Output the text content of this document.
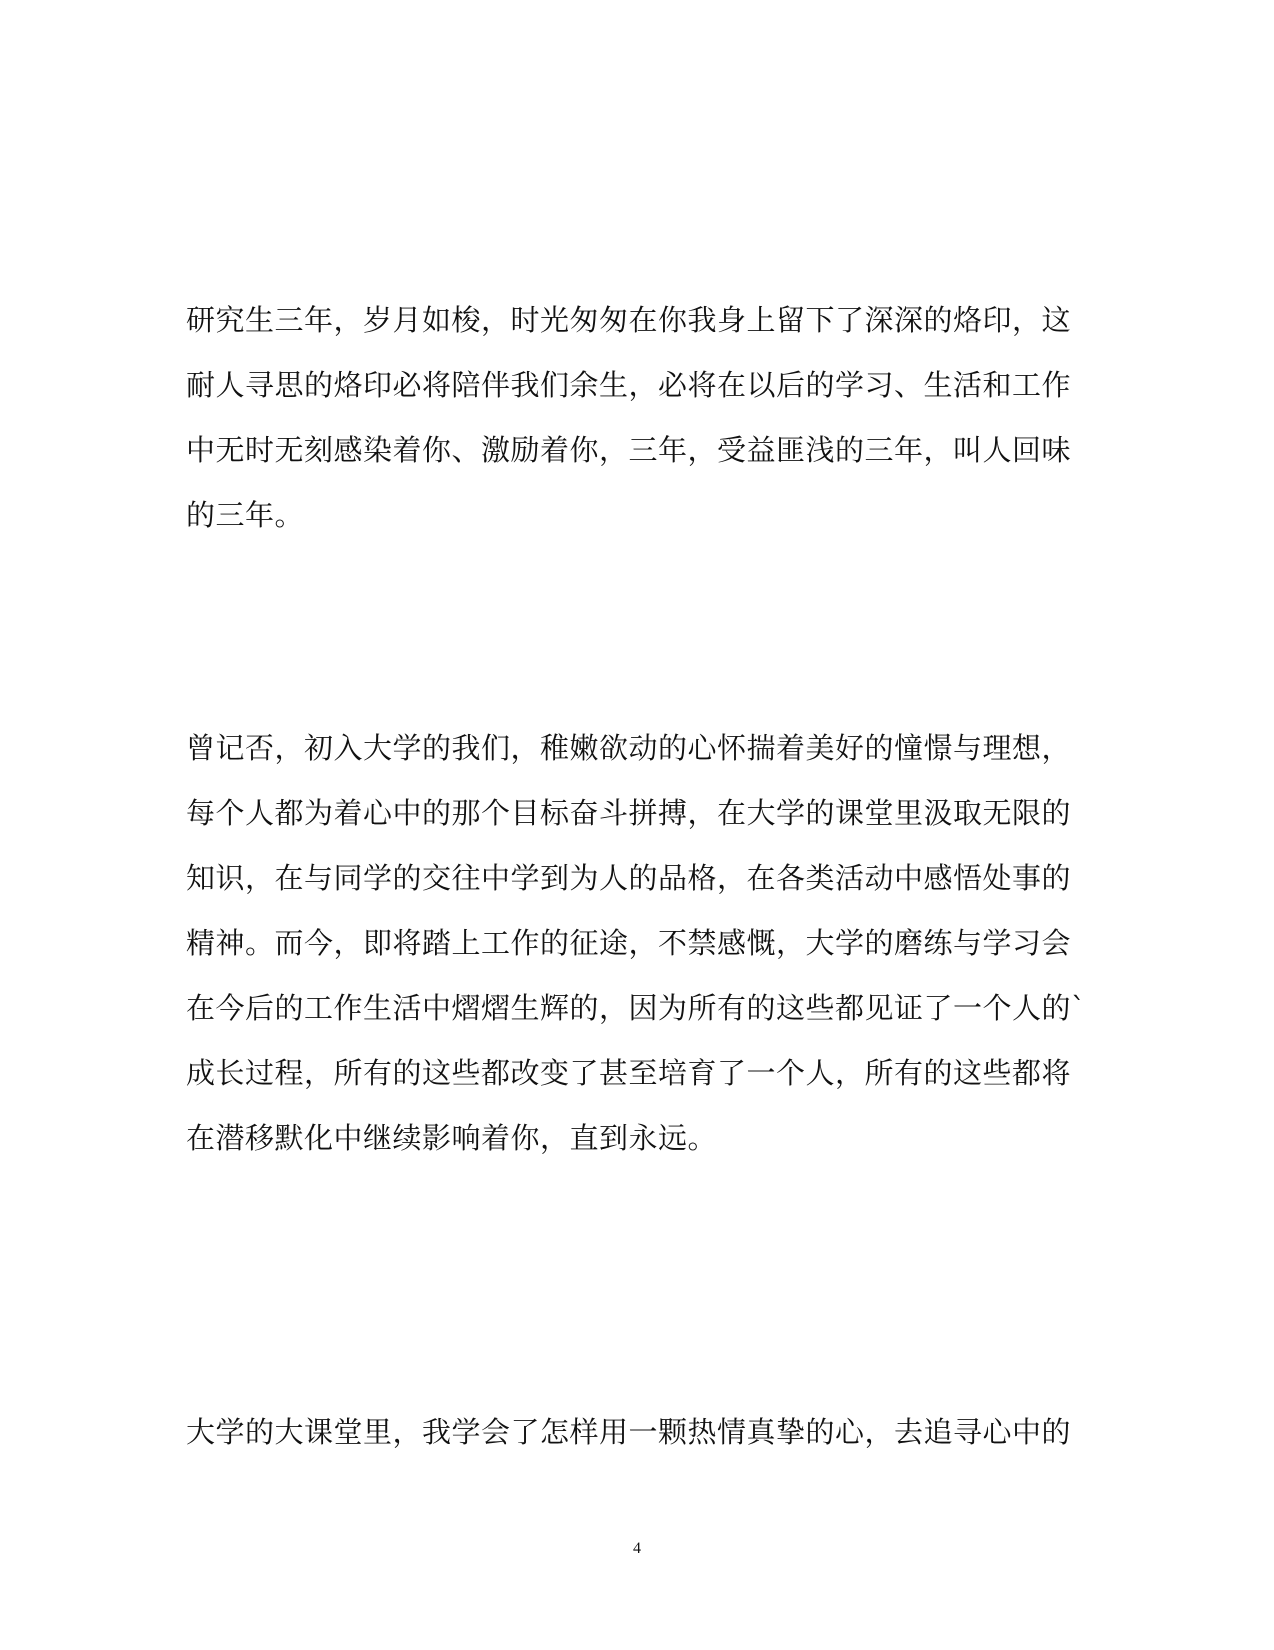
研究生三年，岁月如梭，时光匆匆在你我身上留下了深深的烙印，这
耐人寻思的烙印必将陪伴我们余生，必将在以后的学习、生活和工作
中无时无刻感染着你、激励着你，三年，受益匪浅的三年，叫人回味
的三年。
曾记否，初入大学的我们，稚嫩欲动的心怀揣着美好的憧憬与理想，
每个人都为着心中的那个目标奋斗拼搏，在大学的课堂里汲取无限的
知识，在与同学的交往中学到为人的品格，在各类活动中感悟处事的
精神。而今，即将踏上工作的征途，不禁感慨，大学的磨练与学习会
在今后的工作生活中熠熠生辉的，因为所有的这些都见证了一个人的`
成长过程，所有的这些都改变了甚至培育了一个人，所有的这些都将
在潜移默化中继续影响着你，直到永远。
大学的大课堂里，我学会了怎样用一颗热情真挚的心，去追寻心中的
4
